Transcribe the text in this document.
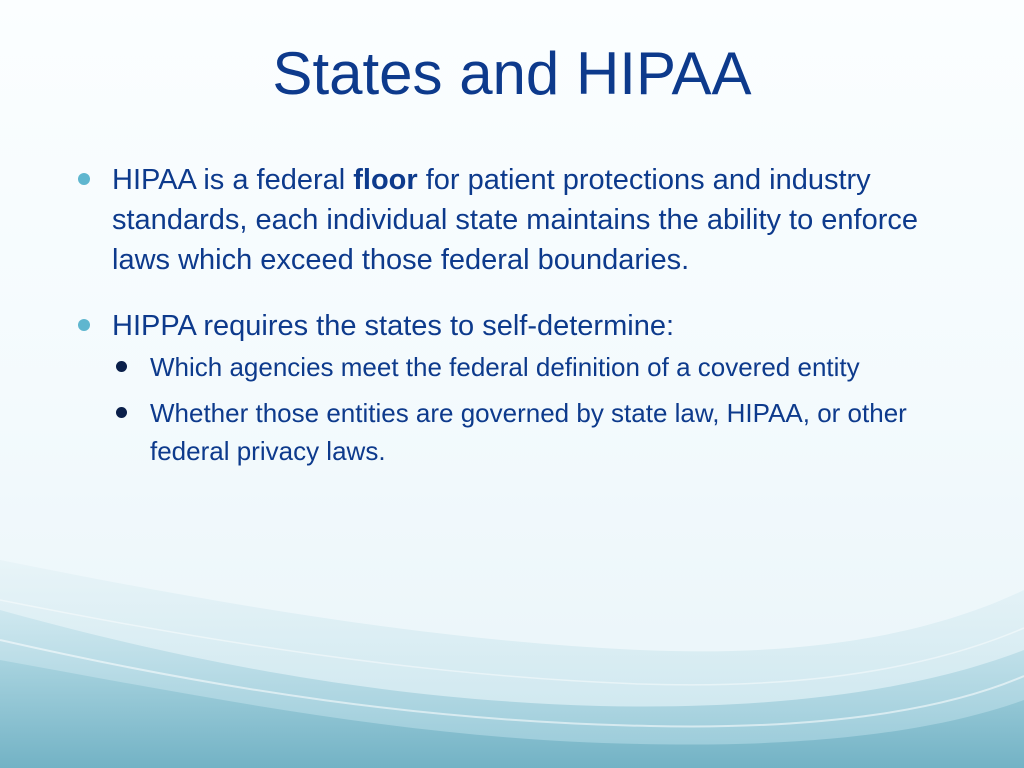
States and HIPAA
HIPAA is a federal floor for patient protections and industry standards, each individual state maintains the ability to enforce laws which exceed those federal boundaries.
HIPPA requires the states to self-determine:
Which agencies meet the federal definition of a covered entity
Whether those entities are governed by state law, HIPAA, or other federal privacy laws.
